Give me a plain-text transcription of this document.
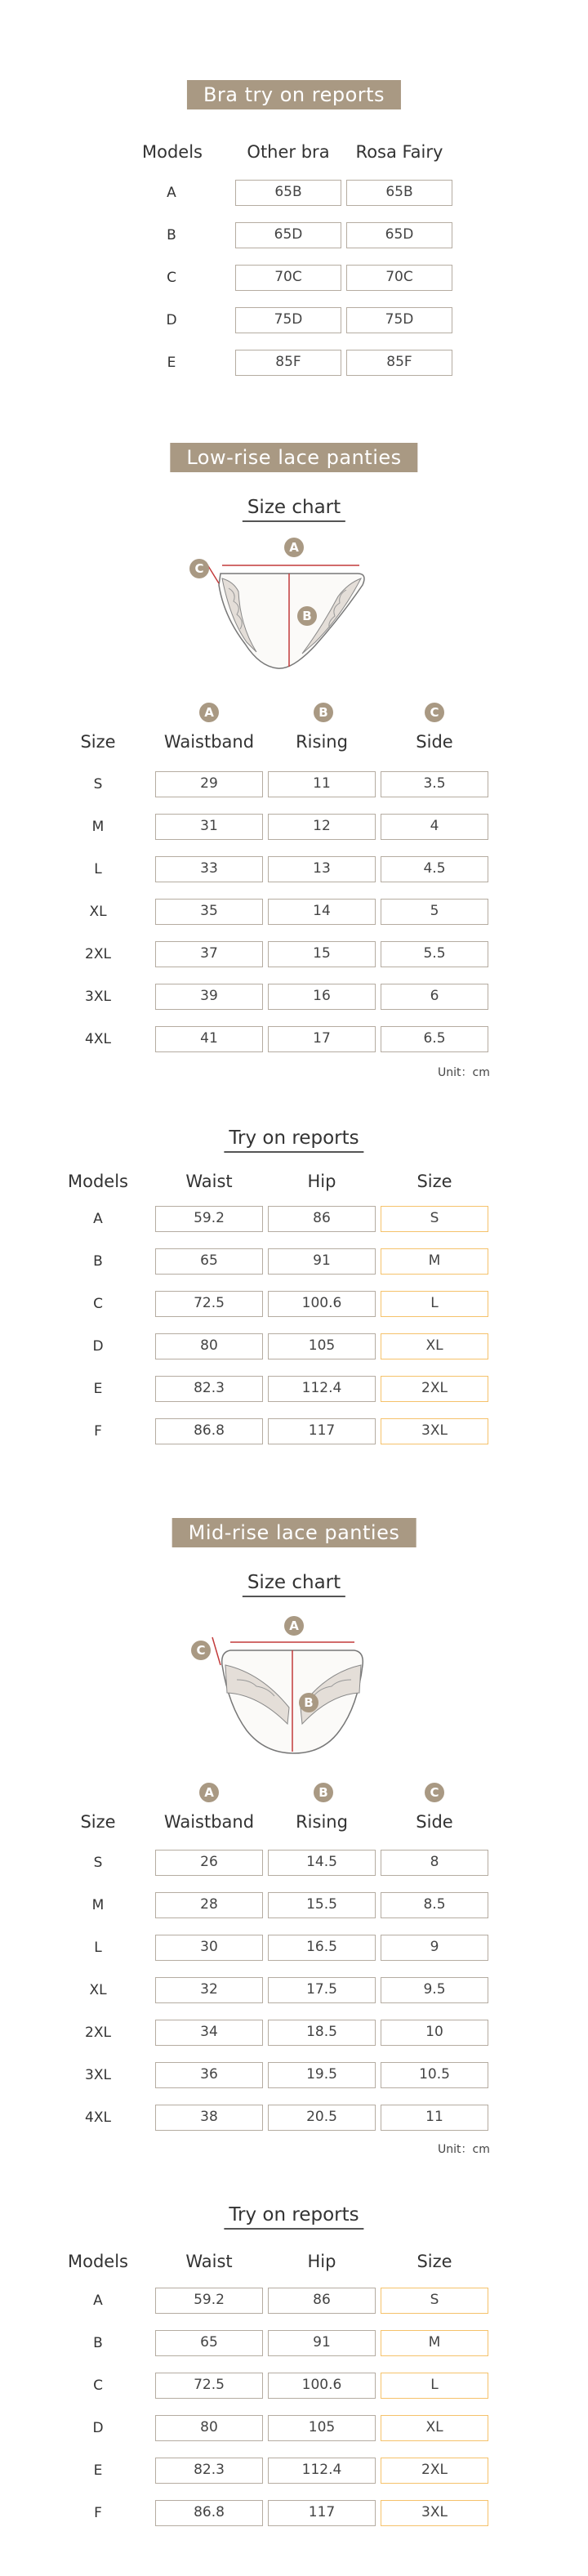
Bra try on reports
Models	Other bra	Rosa Fairy
A	65B	65B
B	65D	65D
C	70C	70C
D	75D	75D
E	85F	85F
Low-rise lace panties
Size chart
A
B
C
A	B	C
Size	Waistband	Rising	Side
S	29	11	3.5
M	31	12	4
L	33	13	4.5
XL	35	14	5
2XL	37	15	5.5
3XL	39	16	6
4XL	41	17	6.5
Unit：cm
Try on reports
Models	Waist	Hip	Size
A	59.2	86	S
B	65	91	M
C	72.5	100.6	L
D	80	105	XL
E	82.3	112.4	2XL
F	86.8	117	3XL
Mid-rise lace panties
Size chart
A
B
C
A	B	C
Size	Waistband	Rising	Side
S	26	14.5	8
M	28	15.5	8.5
L	30	16.5	9
XL	32	17.5	9.5
2XL	34	18.5	10
3XL	36	19.5	10.5
4XL	38	20.5	11
Unit：cm
Try on reports
Models	Waist	Hip	Size
A	59.2	86	S
B	65	91	M
C	72.5	100.6	L
D	80	105	XL
E	82.3	112.4	2XL
F	86.8	117	3XL
